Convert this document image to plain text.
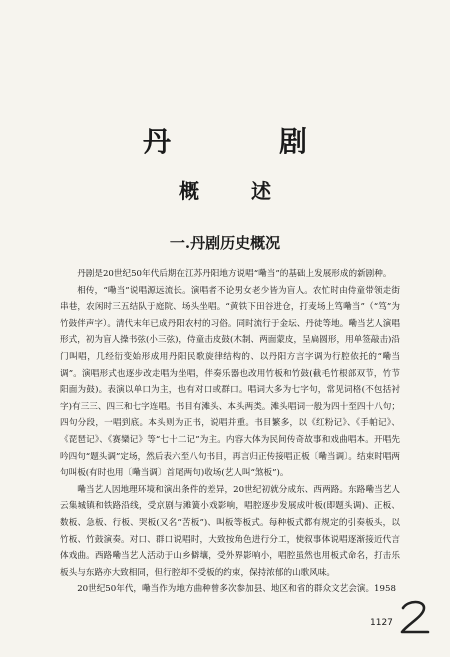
丹　剧
概　述
一.丹剧历史概况

丹剧是20世纪50年代后期在江苏丹阳地方说唱“嘞当”的基础上发展形成的新剧种。

相传，“嘞当”说唱源远流长。演唱者不论男女老少皆为盲人。农忙时由侍童带领走街串巷，农闲时三五结队于庭院、场头坐唱。“黄铁下田谷进仓，打麦场上笃嘞当”（“笃”为竹鼓伴声字）。清代末年已成丹阳农村的习俗。同时流行于金坛、丹徒等地。嘞当艺人演唱形式，初为盲人操书弦(小三弦)，侍童击皮鼓(木制、两面蒙皮，呈扁圆形，用单签敲击)沿门叫唱，几经衍变始形成用丹阳民歌旋律结构的、以丹阳方言字调为行腔依托的“嘞当调”。演唱形式也逐步改走唱为坐唱，伴奏乐器也改用竹板和竹鼓(截毛竹根部双节，竹节阳面为鼓)。表演以单口为主，也有对口或群口。唱词大多为七字句，常见词格(不包括衬字)有三三、四三和七字连唱。书目有滩头、本头两类。滩头唱词一般为四十至四十八句；四句分段，一唱到底。本头则为正书，说唱并重。书目繁多，以《红粉记》、《手帕记》、《琵琶记》、《赛欒记》等“七十二记”为主。内容大体为民间传奇故事和戏曲唱本。开唱先吟四句“题头调”定场，然后表六至八句书目，再言归正传接唱正板〔嘞当调〕。结束时唱两句叫板(有时也用〔嘞当调〕首尾两句)收场(艺人叫“煞板”)。

嘞当艺人因地理环境和演出条件的差异，20世纪初就分成东、西两路。东路嘞当艺人云集城镇和铁路沿线，受京剧与滩簧小戏影响，唱腔逐步发展成叶板(即题头调)、正板、数板、急板、行板、哭板(又名“苦板”)、叫板等板式。每种板式都有规定的引奏板头，以竹板、竹鼓演奏。对口、群口说唱时，大致按角色进行分工，使叙事体说唱逐渐接近代言体戏曲。西路嘞当艺人活动于山乡僻壤，受外界影响小，唱腔虽然也用板式命名，打击乐板头与东路亦大致相同，但行腔却不受板的约束，保持浓郁的山歌风味。

20世纪50年代，嘞当作为地方曲种曾多次参加县、地区和省的群众文艺会演。1958

1127
